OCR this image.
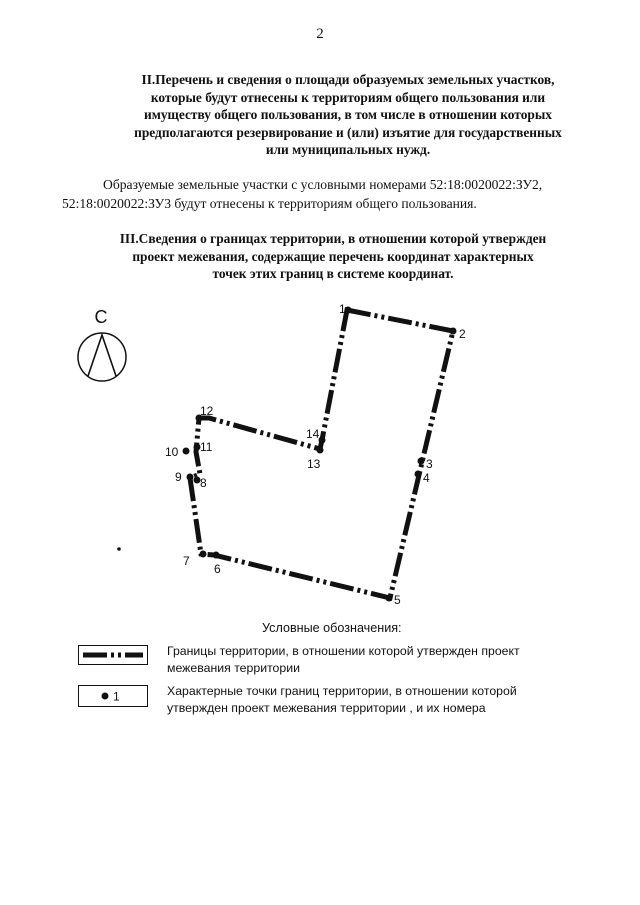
2
II.Перечень и сведения о площади образуемых земельных участков,
которые будут отнесены к территориям общего пользования или
имуществу общего пользования, в том числе в отношении которых
предполагаются резервирование и (или) изъятие для государственных
или муниципальных нужд.
Образуемые земельные участки с условными номерами 52:18:0020022:ЗУ2,
52:18:0020022:ЗУ3 будут отнесены к территориям общего пользования.
III.Сведения о границах территории, в отношении которой утвержден
проект межевания, содержащие перечень координат характерных
точек этих границ в системе координат.
С	1
2
3
4
5
6
7
8
9
10 11
12
13
14
Условные обозначения:
Границы территории, в отношении которой утвержден проект
межевания территории
1	Характерные точки границ территории, в отношении которой
утвержден проект межевания территории , и их номера
